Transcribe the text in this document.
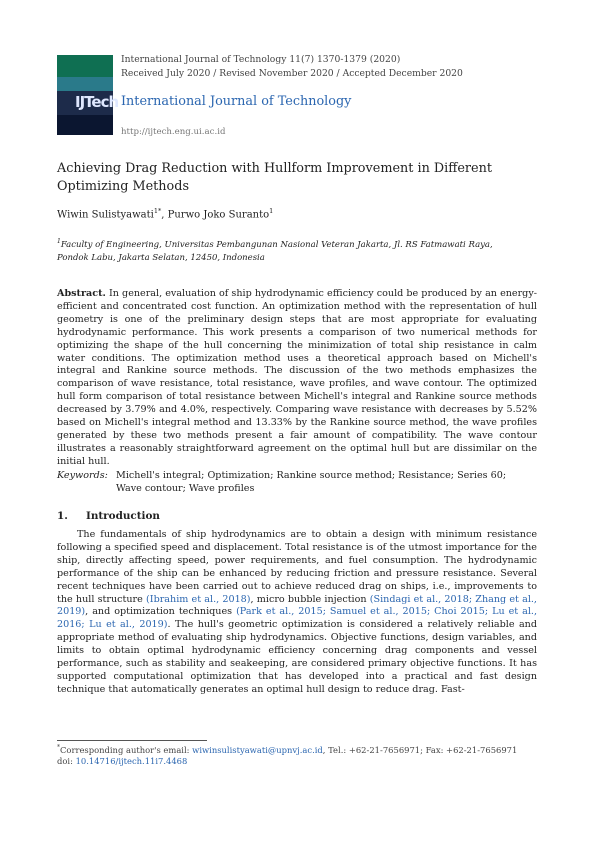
IJTech
International Journal of Technology 11(7) 1370-1379 (2020)
Received July 2020 / Revised November 2020 / Accepted December 2020
International Journal of Technology
http://ijtech.eng.ui.ac.id
Achieving Drag Reduction with Hullform Improvement in Different Optimizing Methods
Wiwin Sulistyawati$^{1*}$, Purwo Joko Suranto$^1$
$^1$Faculty of Engineering, Universitas Pembangunan Nasional Veteran Jakarta, Jl. RS Fatmawati Raya, Pondok Labu, Jakarta Selatan, 12450, Indonesia
Abstract. In general, evaluation of ship hydrodynamic efficiency could be produced by an energy-efficient and concentrated cost function. An optimization method with the representation of hull geometry is one of the preliminary design steps that are most appropriate for evaluating hydrodynamic performance. This work presents a comparison of two numerical methods for optimizing the shape of the hull concerning the minimization of total ship resistance in calm water conditions. The optimization method uses a theoretical approach based on Michell's integral and Rankine source methods. The discussion of the two methods emphasizes the comparison of wave resistance, total resistance, wave profiles, and wave contour. The optimized hull form comparison of total resistance between Michell's integral and Rankine source methods decreased by 3.79% and 4.0%, respectively. Comparing wave resistance with decreases by 5.52% based on Michell's integral method and 13.33% by the Rankine source method, the wave profiles generated by these two methods present a fair amount of compatibility. The wave contour illustrates a reasonably straightforward agreement on the optimal hull but are dissimilar on the initial hull.
Keywords: Michell's integral; Optimization; Rankine source method; Resistance; Series 60; Wave contour; Wave profiles
1. Introduction
The fundamentals of ship hydrodynamics are to obtain a design with minimum resistance following a specified speed and displacement. Total resistance is of the utmost importance for the ship, directly affecting speed, power requirements, and fuel consumption. The hydrodynamic performance of the ship can be enhanced by reducing friction and pressure resistance. Several recent techniques have been carried out to achieve reduced drag on ships, i.e., improvements to the hull structure (Ibrahim et al., 2018), micro bubble injection (Sindagi et al., 2018; Zhang et al., 2019), and optimization techniques (Park et al., 2015; Samuel et al., 2015; Choi 2015; Lu et al., 2016; Lu et al., 2019). The hull's geometric optimization is considered a relatively reliable and appropriate method of evaluating ship hydrodynamics. Objective functions, design variables, and limits to obtain optimal hydrodynamic efficiency concerning drag components and vessel performance, such as stability and seakeeping, are considered primary objective functions. It has supported computational optimization that has developed into a practical and fast design technique that automatically generates an optimal hull design to reduce drag. Fast-
*Corresponding author's email: wiwinsulistyawati@upnvj.ac.id, Tel.: +62-21-7656971; Fax: +62-21-7656971
doi: 10.14716/ijtech.11i7.4468
